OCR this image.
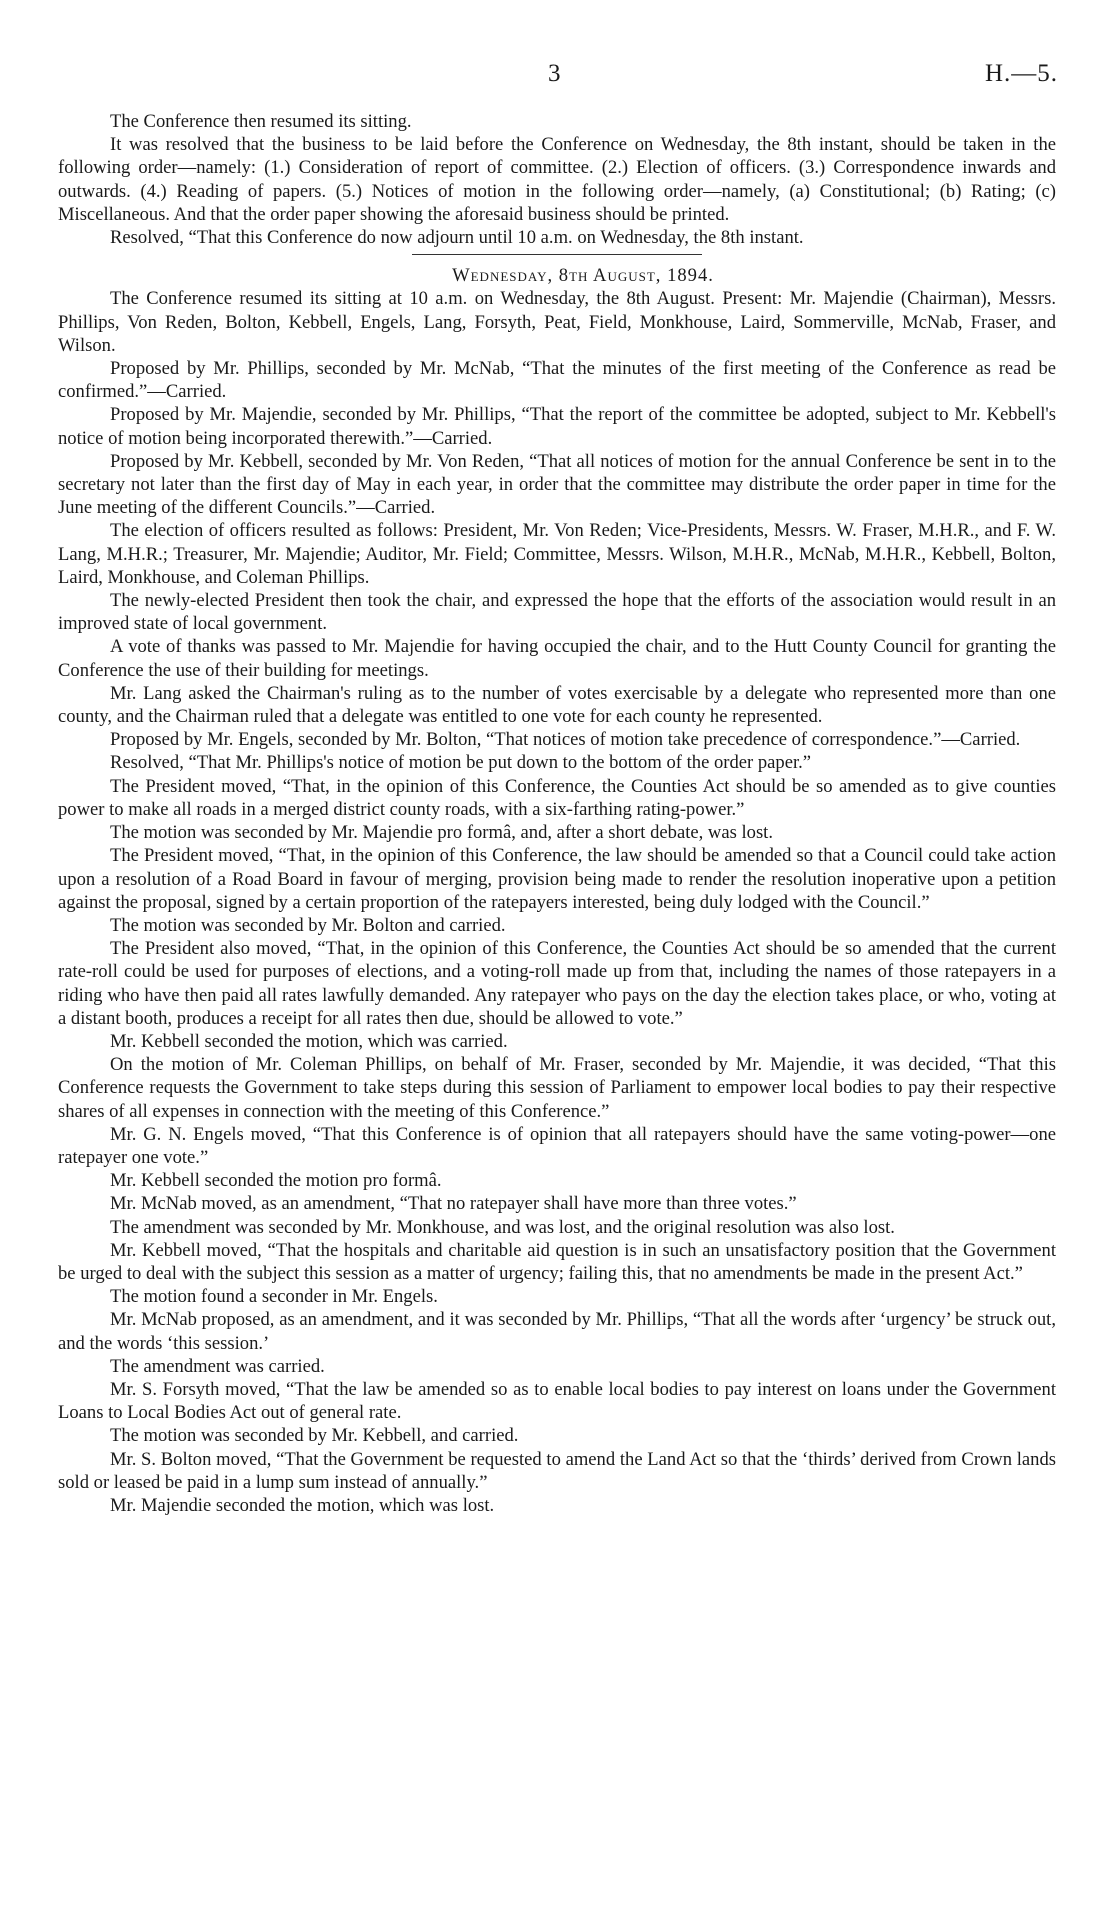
3	H.—5.

The Conference then resumed its sitting.

It was resolved that the business to be laid before the Conference on Wednesday, the 8th instant, should be taken in the following order—namely: (1.) Consideration of report of committee. (2.) Election of officers. (3.) Correspondence inwards and outwards. (4.) Reading of papers. (5.) Notices of motion in the following order—namely, (a) Constitutional; (b) Rating; (c) Miscellaneous. And that the order paper showing the aforesaid business should be printed.

Resolved, “That this Conference do now adjourn until 10 a.m. on Wednesday, the 8th instant.

Wednesday, 8th August, 1894.

The Conference resumed its sitting at 10 a.m. on Wednesday, the 8th August. Present: Mr. Majendie (Chairman), Messrs. Phillips, Von Reden, Bolton, Kebbell, Engels, Lang, Forsyth, Peat, Field, Monkhouse, Laird, Sommerville, McNab, Fraser, and Wilson.

Proposed by Mr. Phillips, seconded by Mr. McNab, “That the minutes of the first meeting of the Conference as read be confirmed.”—Carried.

Proposed by Mr. Majendie, seconded by Mr. Phillips, “That the report of the committee be adopted, subject to Mr. Kebbell's notice of motion being incorporated therewith.”—Carried.

Proposed by Mr. Kebbell, seconded by Mr. Von Reden, “That all notices of motion for the annual Conference be sent in to the secretary not later than the first day of May in each year, in order that the committee may distribute the order paper in time for the June meeting of the different Councils.”—Carried.

The election of officers resulted as follows: President, Mr. Von Reden; Vice-Presidents, Messrs. W. Fraser, M.H.R., and F. W. Lang, M.H.R.; Treasurer, Mr. Majendie; Auditor, Mr. Field; Committee, Messrs. Wilson, M.H.R., McNab, M.H.R., Kebbell, Bolton, Laird, Monkhouse, and Coleman Phillips.

The newly-elected President then took the chair, and expressed the hope that the efforts of the association would result in an improved state of local government.

A vote of thanks was passed to Mr. Majendie for having occupied the chair, and to the Hutt County Council for granting the Conference the use of their building for meetings.

Mr. Lang asked the Chairman's ruling as to the number of votes exercisable by a delegate who represented more than one county, and the Chairman ruled that a delegate was entitled to one vote for each county he represented.

Proposed by Mr. Engels, seconded by Mr. Bolton, “That notices of motion take precedence of correspondence.”—Carried.

Resolved, “That Mr. Phillips's notice of motion be put down to the bottom of the order paper.”

The President moved, “That, in the opinion of this Conference, the Counties Act should be so amended as to give counties power to make all roads in a merged district county roads, with a six-farthing rating-power.”

The motion was seconded by Mr. Majendie pro formâ, and, after a short debate, was lost.

The President moved, “That, in the opinion of this Conference, the law should be amended so that a Council could take action upon a resolution of a Road Board in favour of merging, provision being made to render the resolution inoperative upon a petition against the proposal, signed by a certain proportion of the ratepayers interested, being duly lodged with the Council.”

The motion was seconded by Mr. Bolton and carried.

The President also moved, “That, in the opinion of this Conference, the Counties Act should be so amended that the current rate-roll could be used for purposes of elections, and a voting-roll made up from that, including the names of those ratepayers in a riding who have then paid all rates lawfully demanded. Any ratepayer who pays on the day the election takes place, or who, voting at a distant booth, produces a receipt for all rates then due, should be allowed to vote.”

Mr. Kebbell seconded the motion, which was carried.

On the motion of Mr. Coleman Phillips, on behalf of Mr. Fraser, seconded by Mr. Majendie, it was decided, “That this Conference requests the Government to take steps during this session of Parliament to empower local bodies to pay their respective shares of all expenses in connection with the meeting of this Conference.”

Mr. G. N. Engels moved, “That this Conference is of opinion that all ratepayers should have the same voting-power—one ratepayer one vote.”

Mr. Kebbell seconded the motion pro formâ.

Mr. McNab moved, as an amendment, “That no ratepayer shall have more than three votes.”

The amendment was seconded by Mr. Monkhouse, and was lost, and the original resolution was also lost.

Mr. Kebbell moved, “That the hospitals and charitable aid question is in such an unsatisfactory position that the Government be urged to deal with the subject this session as a matter of urgency; failing this, that no amendments be made in the present Act.”

The motion found a seconder in Mr. Engels.

Mr. McNab proposed, as an amendment, and it was seconded by Mr. Phillips, “That all the words after ‘urgency’ be struck out, and the words ‘this session.’

The amendment was carried.

Mr. S. Forsyth moved, “That the law be amended so as to enable local bodies to pay interest on loans under the Government Loans to Local Bodies Act out of general rate.

The motion was seconded by Mr. Kebbell, and carried.

Mr. S. Bolton moved, “That the Government be requested to amend the Land Act so that the ‘thirds’ derived from Crown lands sold or leased be paid in a lump sum instead of annually.”

Mr. Majendie seconded the motion, which was lost.
